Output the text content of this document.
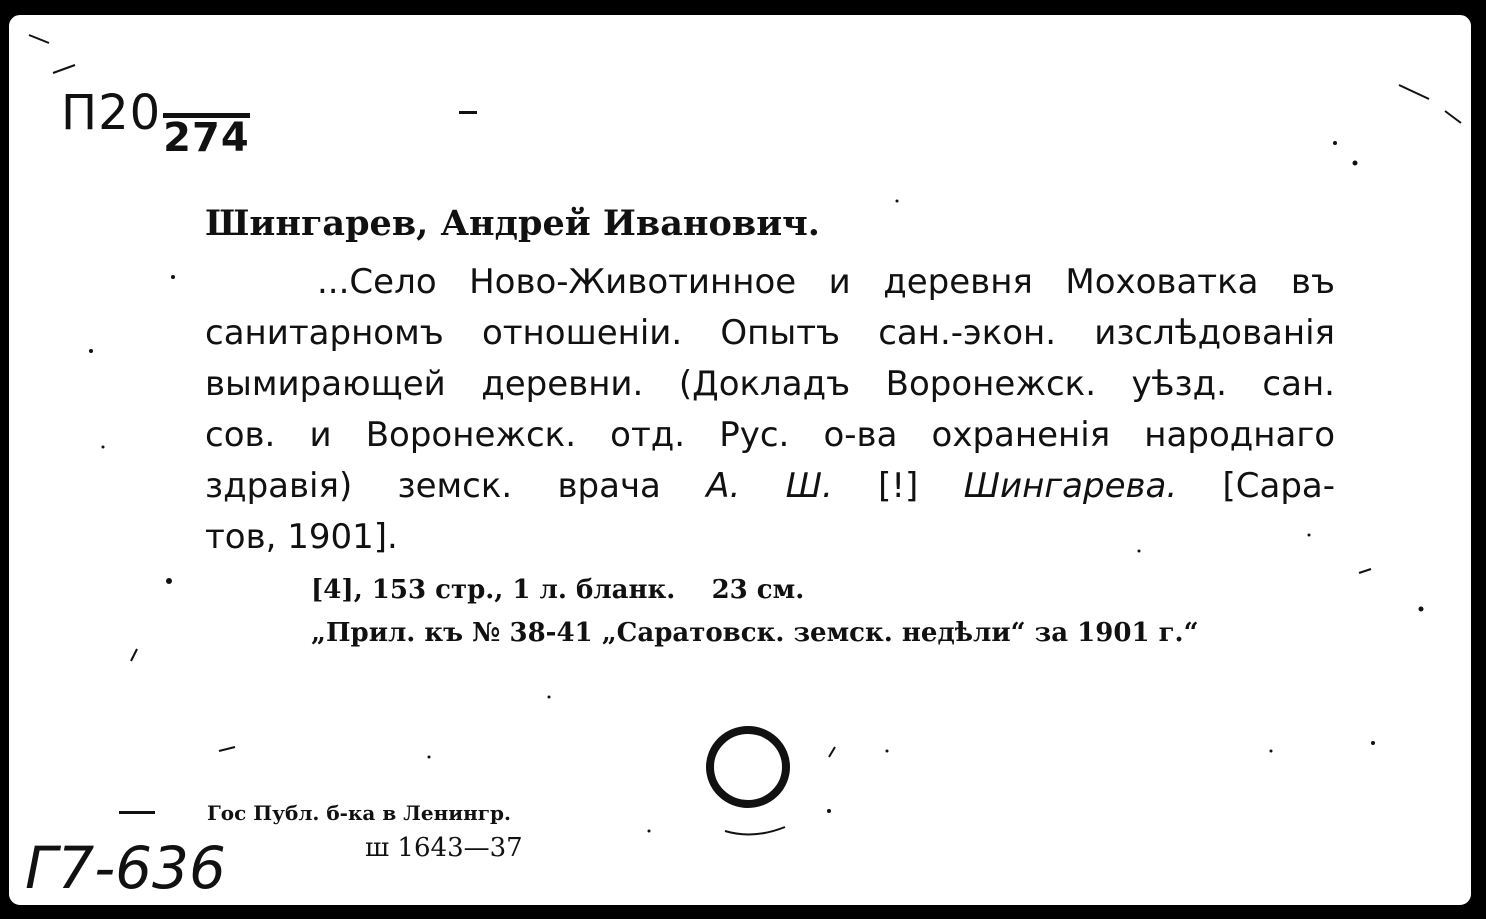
П20274
Шингарев, Андрей Иванович.
...Село Ново-Животинное и деревня Моховатка въ
санитарномъ отношеніи. Опытъ сан.-экон. изслѣдованія
вымирающей деревни. (Докладъ Воронежск. уѣзд. сан.
сов. и Воронежск. отд. Рус. о-ва охраненія народнаго
здравія) земск. врача А. Ш. [!] Шингарева. [Сара-
тов, 1901].
[4], 153 стр., 1 л. бланк.    23 см.
„Прил. къ № 38-41 „Саратовск. земск. недѣли“ за 1901 г.“
Гос Публ. б-ка в Ленингр.
ш 1643—37
Г7-636
